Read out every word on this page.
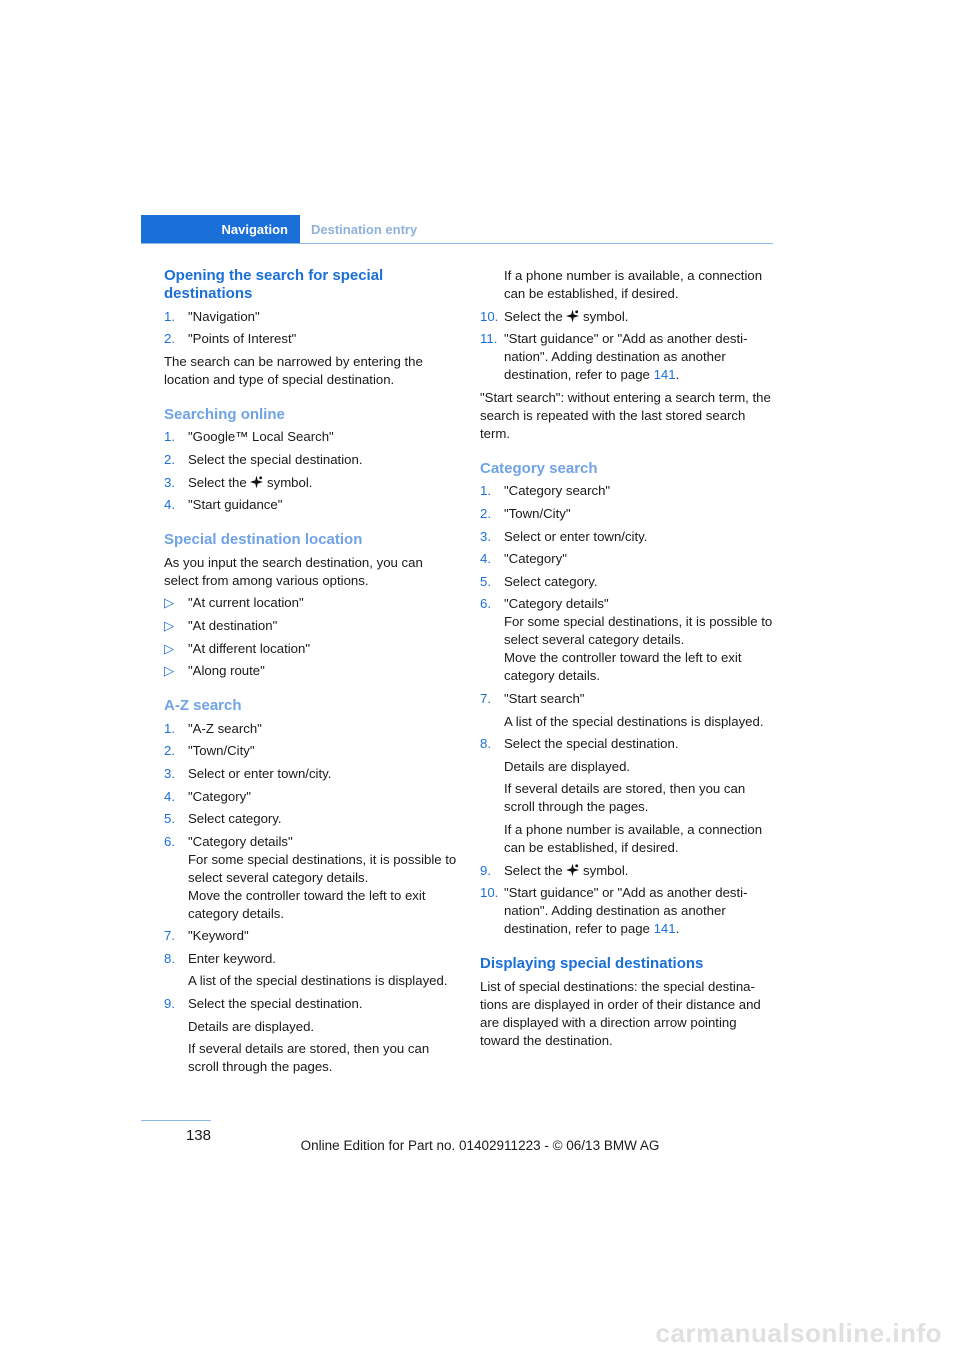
Navigation	Destination entry
Opening the search for special destinations
1. "Navigation"
2. "Points of Interest"

The search can be narrowed by entering the location and type of special destination.

Searching online
1. "Google™ Local Search"
2. Select the special destination.
3. Select the symbol.
4. "Start guidance"
Special destination location

As you input the search destination, you can select from among various options.

▷ "At current location"
▷ "At destination"
▷ "At different location"
▷ "Along route"
A-Z search
1. "A-Z search"
2. "Town/City"
3. Select or enter town/city.
4. "Category"
5. Select category.
6. "Category details"
For some special destinations, it is possible to select several category details.
Move the controller toward the left to exit category details.
7. "Keyword"
8. Enter keyword.
A list of the special destinations is displayed.
9. Select the special destination.
Details are displayed.
If several details are stored, then you can scroll through the pages.

If a phone number is available, a connection can be established, if desired.

10. Select the symbol.
11. "Start guidance" or "Add as another desti-nation". Adding destination as another destination, refer to page 141.

"Start search": without entering a search term, the search is repeated with the last stored search term.

Category search
1. "Category search"
2. "Town/City"
3. Select or enter town/city.
4. "Category"
5. Select category.
6. "Category details"
For some special destinations, it is possible to select several category details.
Move the controller toward the left to exit category details.
7. "Start search"
A list of the special destinations is displayed.
8. Select the special destination.
Details are displayed.
If several details are stored, then you can scroll through the pages.
If a phone number is available, a connection can be established, if desired.
9. Select the symbol.
10. "Start guidance" or "Add as another desti-nation". Adding destination as another destination, refer to page 141.
Displaying special destinations

List of special destinations: the special destina-tions are displayed in order of their distance and are displayed with a direction arrow pointing toward the destination.

138
Online Edition for Part no. 01402911223 - © 06/13 BMW AG
carmanualsonline.info
